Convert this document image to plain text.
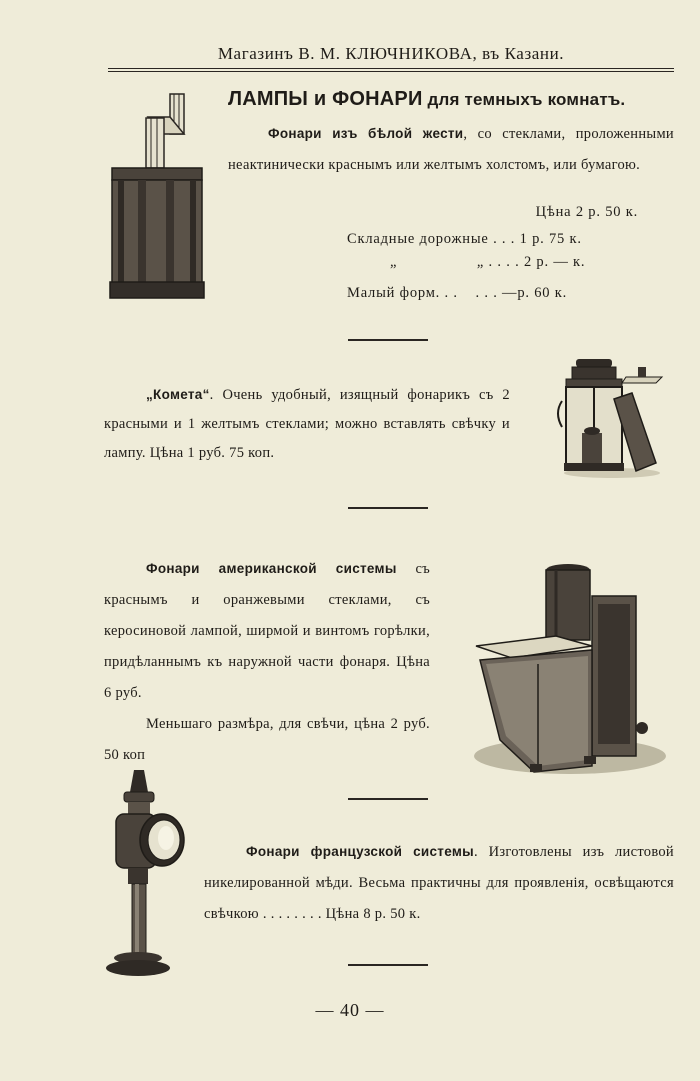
Магазинъ В. М. КЛЮЧНИКОВА, въ Казани.
ЛАМПЫ и ФОНАРИ для темныхъ комнатъ.

Фонари изъ бѣлой жести, со стеклами, проложенными неактинически краснымъ или желтымъ холстомъ, или бумагою.

Цѣна 2 р. 50 к.
Складные дорожные . . . 1 р. 75 к.
„                  „ . . . . 2 р. — к.
Малый форм. . .    . . . —р. 60 к.

„Комета“. Очень удобный, изящный фонарикъ съ 2 красными и 1 желтымъ стеклами; можно вставлять свѣчку и лампу. Цѣна 1 руб. 75 коп.

Фонари американской системы съ краснымъ и оранжевыми стеклами, съ керосиновой лампой, ширмой и винтомъ горѣлки, придѣланнымъ къ наружной части фонаря. Цѣна 6 руб.

Меньшаго размѣра, для свѣчи, цѣна 2 руб. 50 коп

Фонари французской системы. Изготовлены изъ листовой никелированной мѣди. Весьма практичны для проявленія, освѣщаются свѣчкою . . . . . . . . Цѣна 8 р. 50 к.

— 40 —
